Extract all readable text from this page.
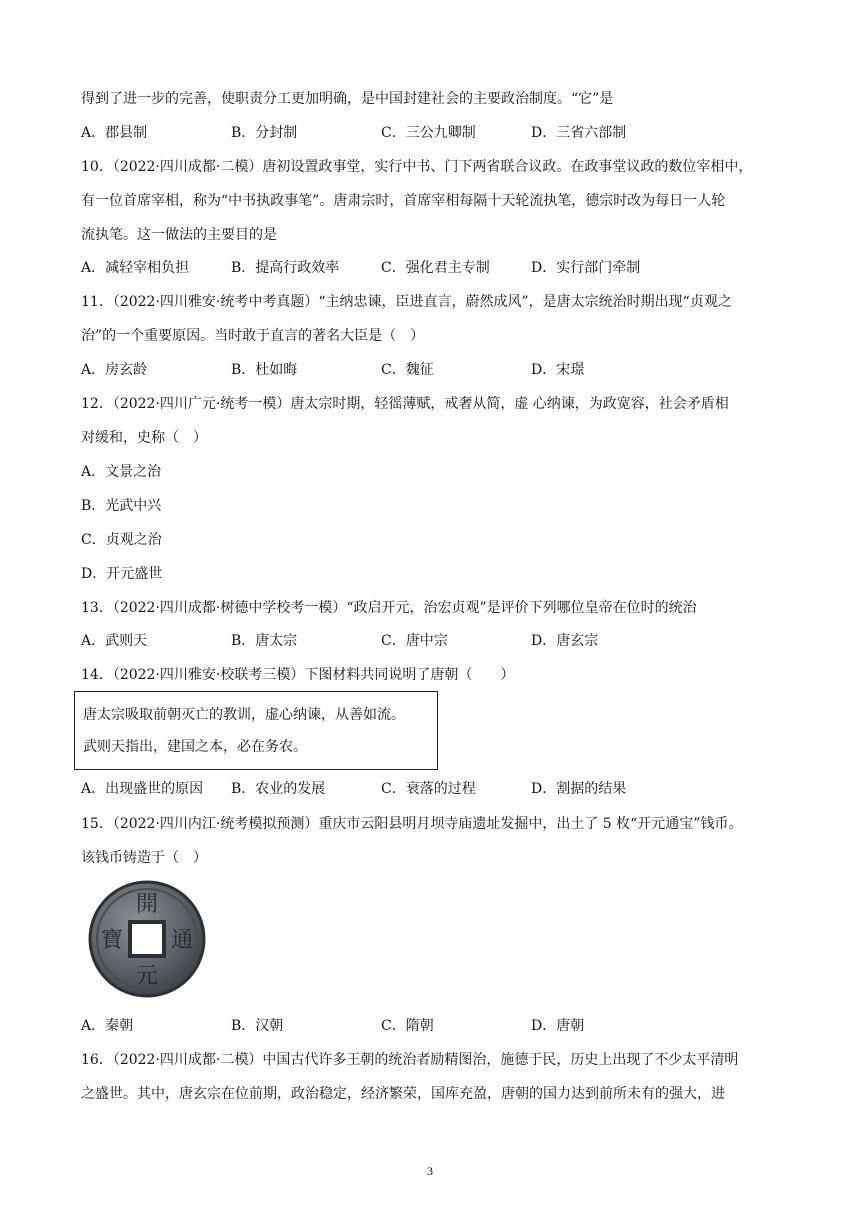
得到了进一步的完善，使职责分工更加明确，是中国封建社会的主要政治制度。“它”是
A．郡县制	B．分封制	C．三公九卿制	D．三省六部制
10．（2022·四川成都·二模）唐初设置政事堂，实行中书、门下两省联合议政。在政事堂议政的数位宰相中，
有一位首席宰相，称为“中书执政事笔”。唐肃宗时，首席宰相每隔十天轮流执笔，德宗时改为每日一人轮
流执笔。这一做法的主要目的是
A．减轻宰相负担	B．提高行政效率	C．强化君主专制	D．实行部门牵制
11．（2022·四川雅安·统考中考真题）“主纳忠谏，臣进直言，蔚然成风”，是唐太宗统治时期出现“贞观之
治”的一个重要原因。当时敢于直言的著名大臣是（　）
A．房玄龄	B．杜如晦	C．魏征	D．宋璟
12．（2022·四川广元·统考一模）唐太宗时期，轻徭薄赋，戒奢从简，虚 心纳谏，为政宽容，社会矛盾相
对缓和，史称（　）
A．文景之治
B．光武中兴
C．贞观之治
D．开元盛世
13．（2022·四川成都·树德中学校考一模）“政启开元，治宏贞观”是评价下列哪位皇帝在位时的统治
A．武则天	B．唐太宗	C．唐中宗	D．唐玄宗
14．（2022·四川雅安·校联考三模）下图材料共同说明了唐朝（　　）
唐太宗吸取前朝灭亡的教训，虚心纳谏，从善如流。
武则天指出，建国之本，必在务农。
A．出现盛世的原因 B．农业的发展	C．衰落的过程	D．割据的结果
15．（2022·四川内江·统考模拟预测）重庆市云阳县明月坝寺庙遗址发掘中，出土了 5 枚“开元通宝”钱币。
该钱币铸造于（　）
開
元
通
寶
A．秦朝	B．汉朝	C．隋朝	D．唐朝
16．（2022·四川成都·二模）中国古代许多王朝的统治者励精图治，施德于民，历史上出现了不少太平清明
之盛世。其中，唐玄宗在位前期，政治稳定，经济繁荣，国库充盈，唐朝的国力达到前所未有的强大，进
3
